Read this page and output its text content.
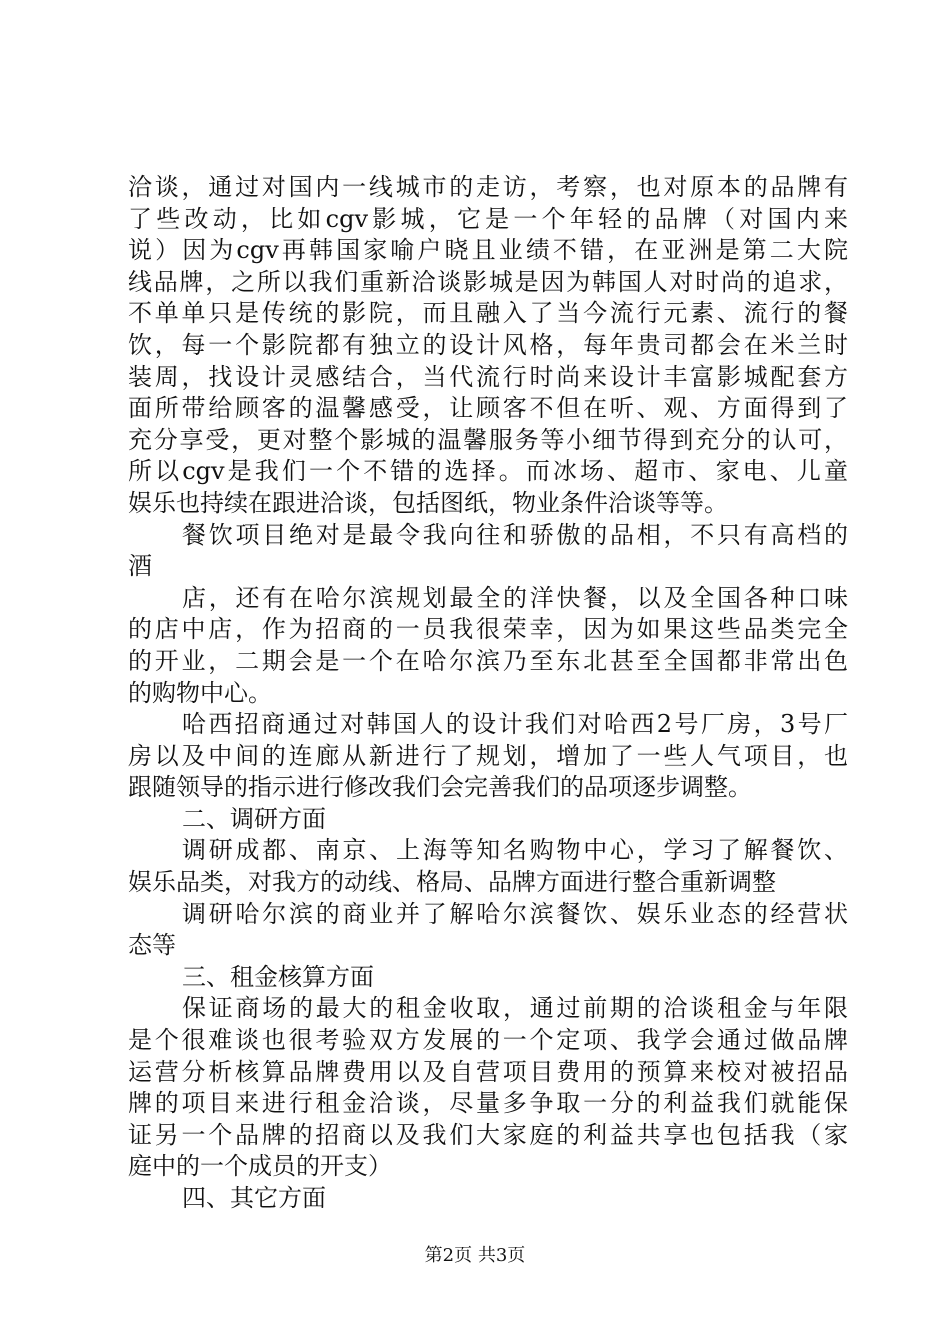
洽谈，通过对国内一线城市的走访，考察，也对原本的品牌有
了些改动，比如cgv影城，它是一个年轻的品牌（对国内来
说）因为cgv再韩国家喻户晓且业绩不错，在亚洲是第二大院
线品牌，之所以我们重新洽谈影城是因为韩国人对时尚的追求，
不单单只是传统的影院，而且融入了当今流行元素、流行的餐
饮，每一个影院都有独立的设计风格，每年贵司都会在米兰时
装周，找设计灵感结合，当代流行时尚来设计丰富影城配套方
面所带给顾客的温馨感受，让顾客不但在听、观、方面得到了
充分享受，更对整个影城的温馨服务等小细节得到充分的认可，
所以cgv是我们一个不错的选择。而冰场、超市、家电、儿童
娱乐也持续在跟进洽谈，包括图纸，物业条件洽谈等等。
餐饮项目绝对是最令我向往和骄傲的品相，不只有高档的
酒
店，还有在哈尔滨规划最全的洋快餐，以及全国各种口味
的店中店，作为招商的一员我很荣幸，因为如果这些品类完全
的开业，二期会是一个在哈尔滨乃至东北甚至全国都非常出色
的购物中心。
哈西招商通过对韩国人的设计我们对哈西2号厂房，3号厂
房以及中间的连廊从新进行了规划，增加了一些人气项目，也
跟随领导的指示进行修改我们会完善我们的品项逐步调整。
二、调研方面
调研成都、南京、上海等知名购物中心，学习了解餐饮、
娱乐品类，对我方的动线、格局、品牌方面进行整合重新调整
调研哈尔滨的商业并了解哈尔滨餐饮、娱乐业态的经营状
态等
三、租金核算方面
保证商场的最大的租金收取，通过前期的洽谈租金与年限
是个很难谈也很考验双方发展的一个定项、我学会通过做品牌
运营分析核算品牌费用以及自营项目费用的预算来校对被招品
牌的项目来进行租金洽谈，尽量多争取一分的利益我们就能保
证另一个品牌的招商以及我们大家庭的利益共享也包括我（家
庭中的一个成员的开支）
四、其它方面
第2页 共3页
